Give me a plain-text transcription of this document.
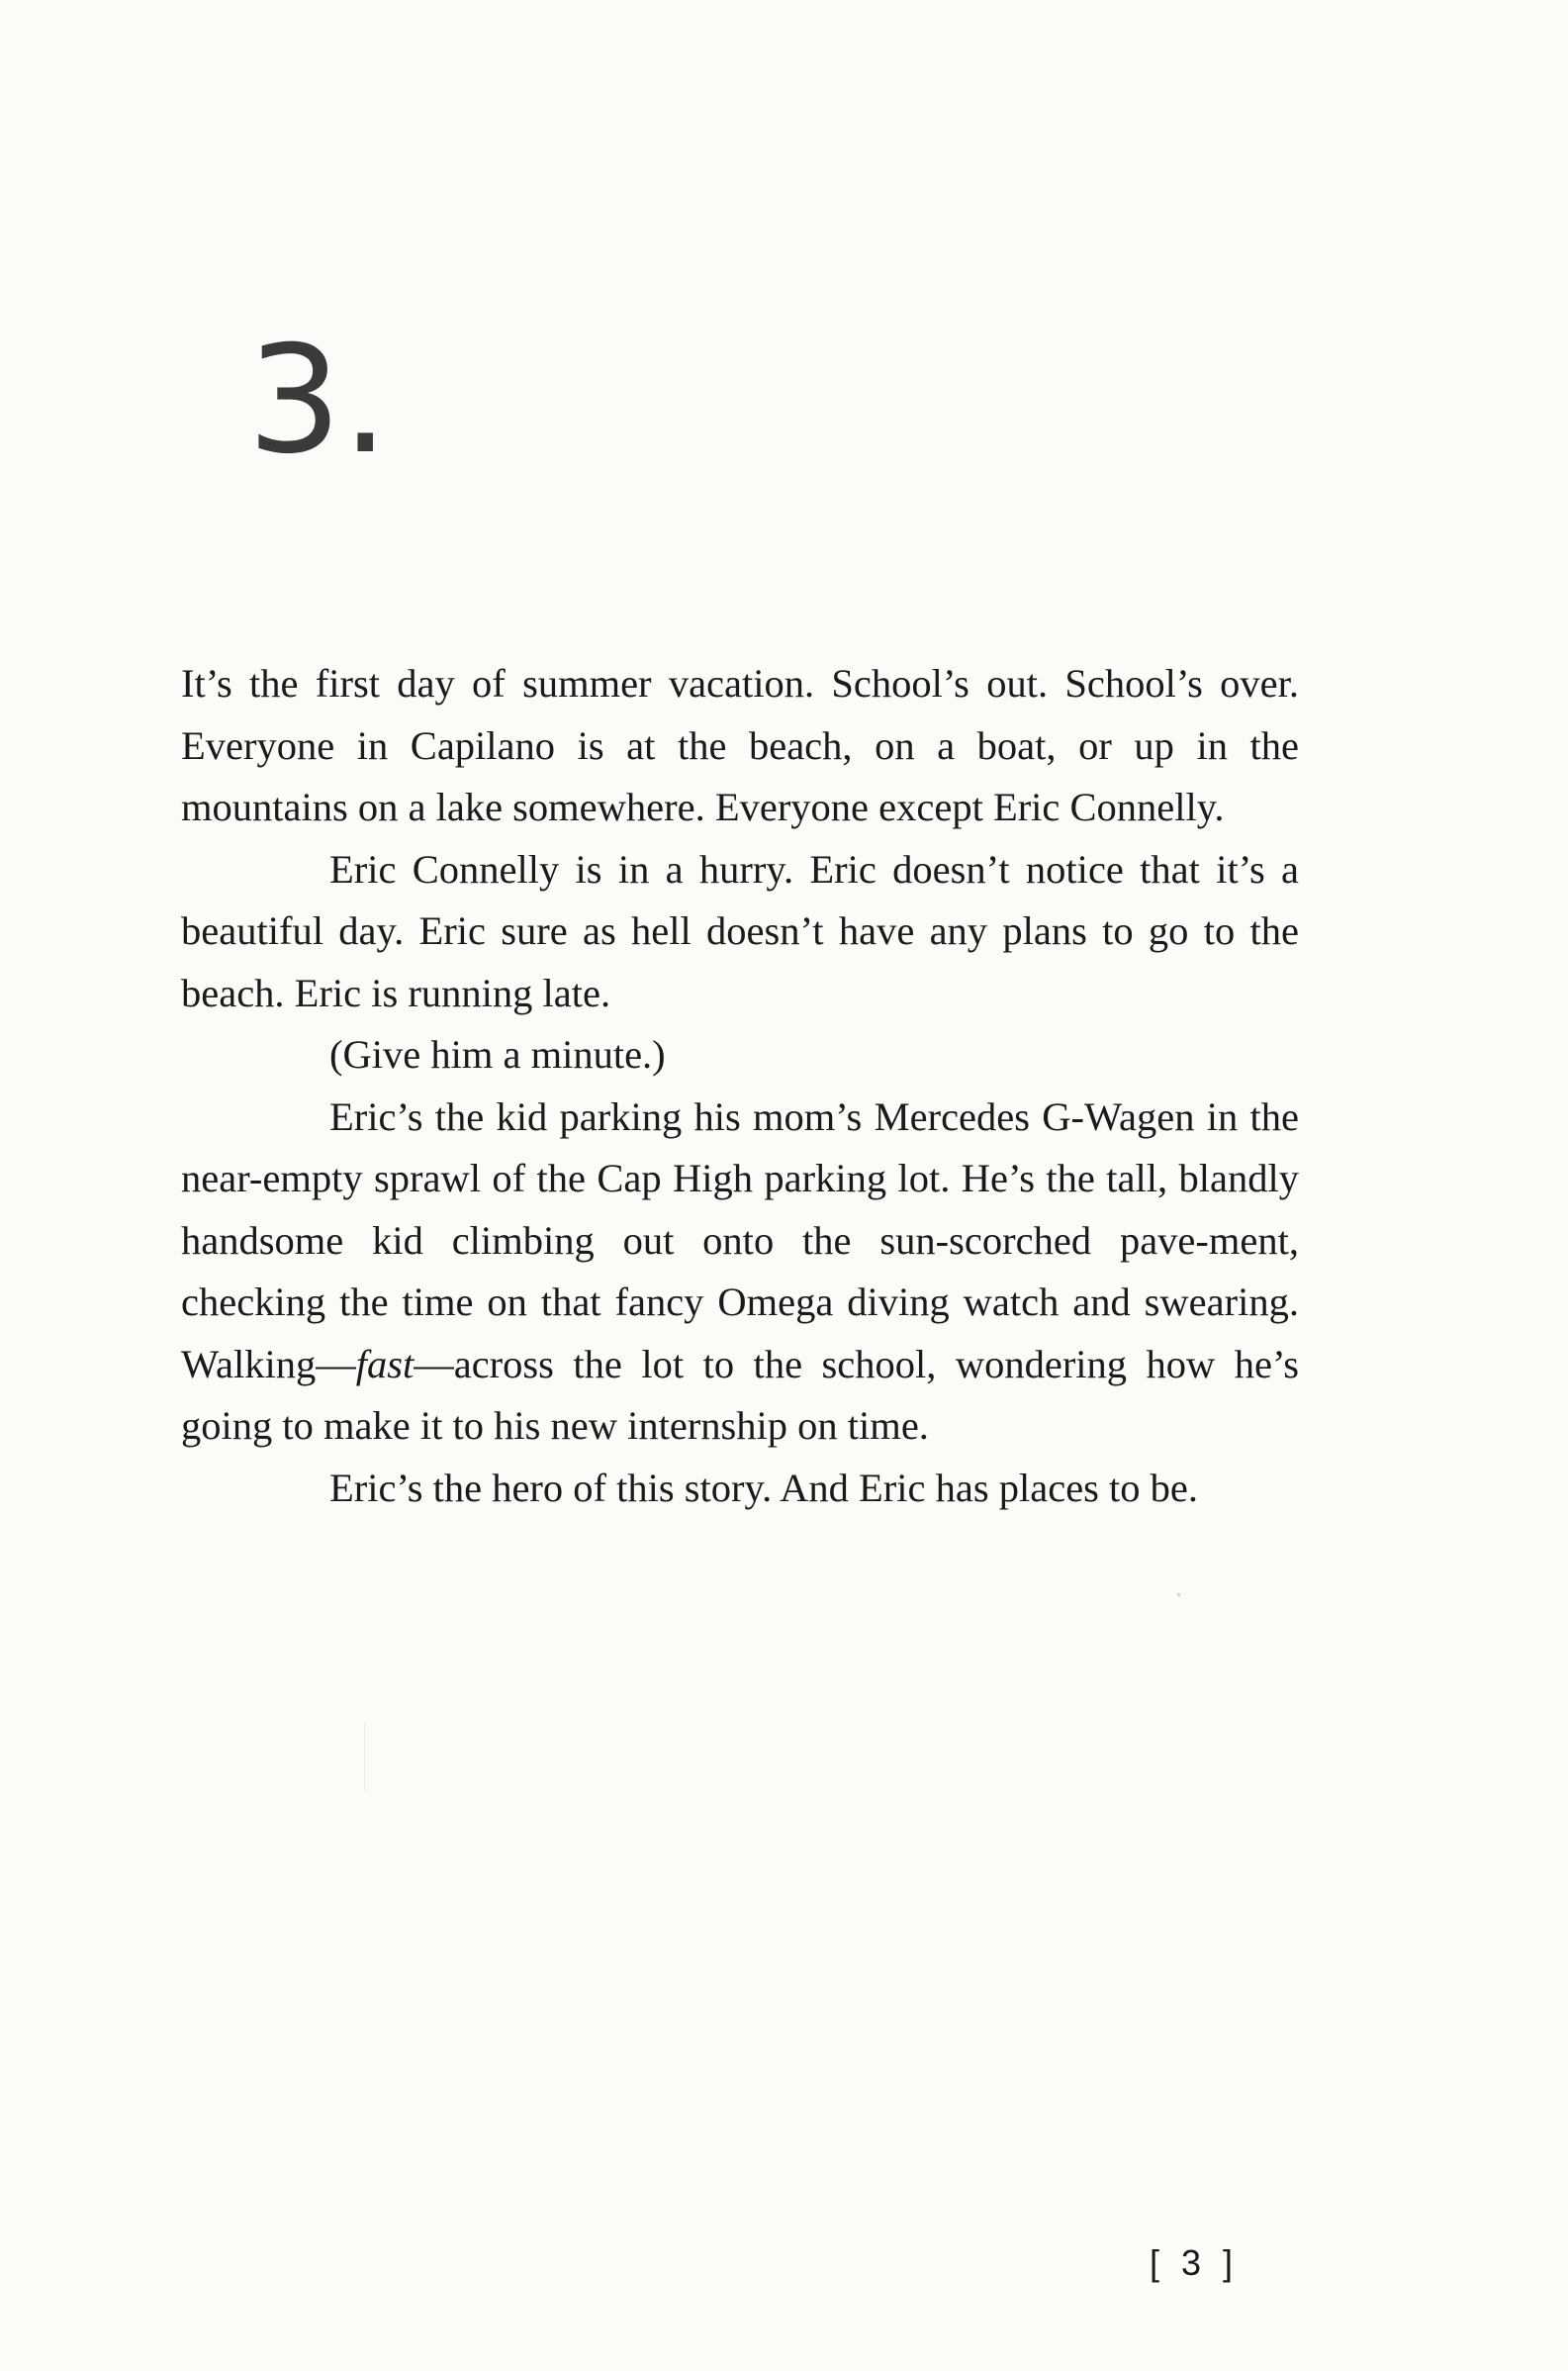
3.

It’s the first day of summer vacation. School’s out. School’s over. Everyone in Capilano is at the beach, on a boat, or up in the mountains on a lake somewhere. Everyone except Eric Connelly.

Eric Connelly is in a hurry. Eric doesn’t notice that it’s a beautiful day. Eric sure as hell doesn’t have any plans to go to the beach. Eric is running late.

(Give him a minute.)

Eric’s the kid parking his mom’s Mercedes G-Wagen in the near-empty sprawl of the Cap High parking lot. He’s the tall, blandly handsome kid climbing out onto the sun-scorched pave-ment, checking the time on that fancy Omega diving watch and swearing. Walking—fast—across the lot to the school, wondering how he’s going to make it to his new internship on time.

Eric’s the hero of this story. And Eric has places to be.

[ 3 ]
